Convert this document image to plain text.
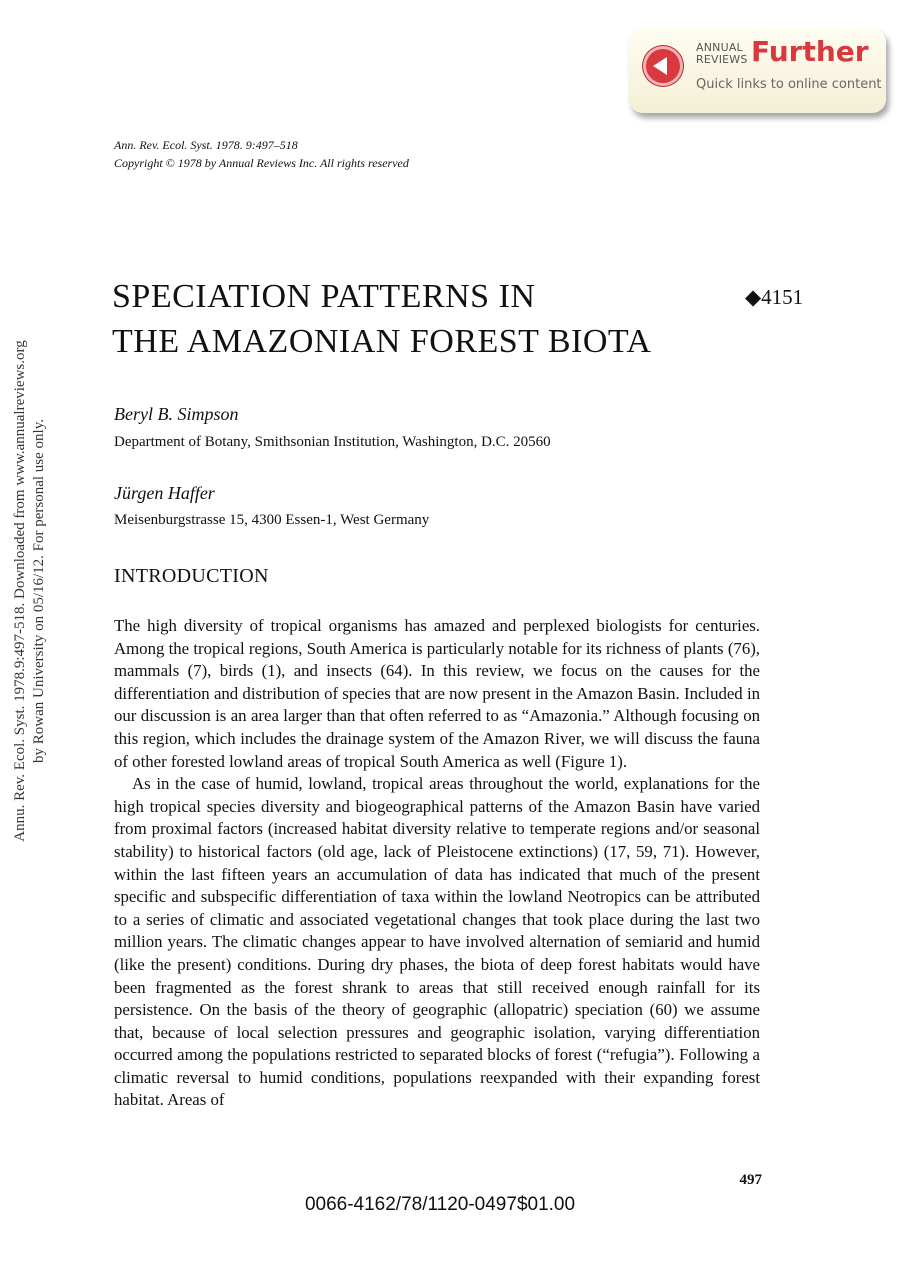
Annu. Rev. Ecol. Syst. 1978.9:497-518. Downloaded from www.annualreviews.org by Rowan University on 05/16/12. For personal use only.
ANNUAL
REVIEWS Further
Quick links to online content
Ann. Rev. Ecol. Syst. 1978. 9:497–518
Copyright © 1978 by Annual Reviews Inc. All rights reserved
SPECIATION PATTERNS IN
THE AMAZONIAN FOREST BIOTA
◆4151
Beryl B. Simpson
Department of Botany, Smithsonian Institution, Washington, D.C. 20560
Jürgen Haffer
Meisenburgstrasse 15, 4300 Essen-1, West Germany
INTRODUCTION

The high diversity of tropical organisms has amazed and perplexed biologists for centuries. Among the tropical regions, South America is particularly notable for its richness of plants (76), mammals (7), birds (1), and insects (64). In this review, we focus on the causes for the differentiation and distribution of species that are now present in the Amazon Basin. Included in our discussion is an area larger than that often referred to as “Amazonia.” Although focusing on this region, which includes the drainage system of the Amazon River, we will discuss the fauna of other forested lowland areas of tropical South America as well (Figure 1).

As in the case of humid, lowland, tropical areas throughout the world, explanations for the high tropical species diversity and biogeographical patterns of the Amazon Basin have varied from proximal factors (increased habitat diversity relative to temperate regions and/or seasonal stability) to historical factors (old age, lack of Pleistocene extinctions) (17, 59, 71). However, within the last fifteen years an accumulation of data has indicated that much of the present specific and subspecific differentiation of taxa within the lowland Neotropics can be attributed to a series of climatic and associated vegetational changes that took place during the last two million years. The climatic changes appear to have involved alternation of semiarid and humid (like the present) conditions. During dry phases, the biota of deep forest habitats would have been fragmented as the forest shrank to areas that still received enough rainfall for its persistence. On the basis of the theory of geographic (allopatric) speciation (60) we assume that, because of local selection pressures and geographic isolation, varying differentiation occurred among the populations restricted to separated blocks of forest (“refugia”). Following a climatic reversal to humid conditions, populations reexpanded with their expanding forest habitat. Areas of

497
0066-4162/78/1120-0497$01.00
